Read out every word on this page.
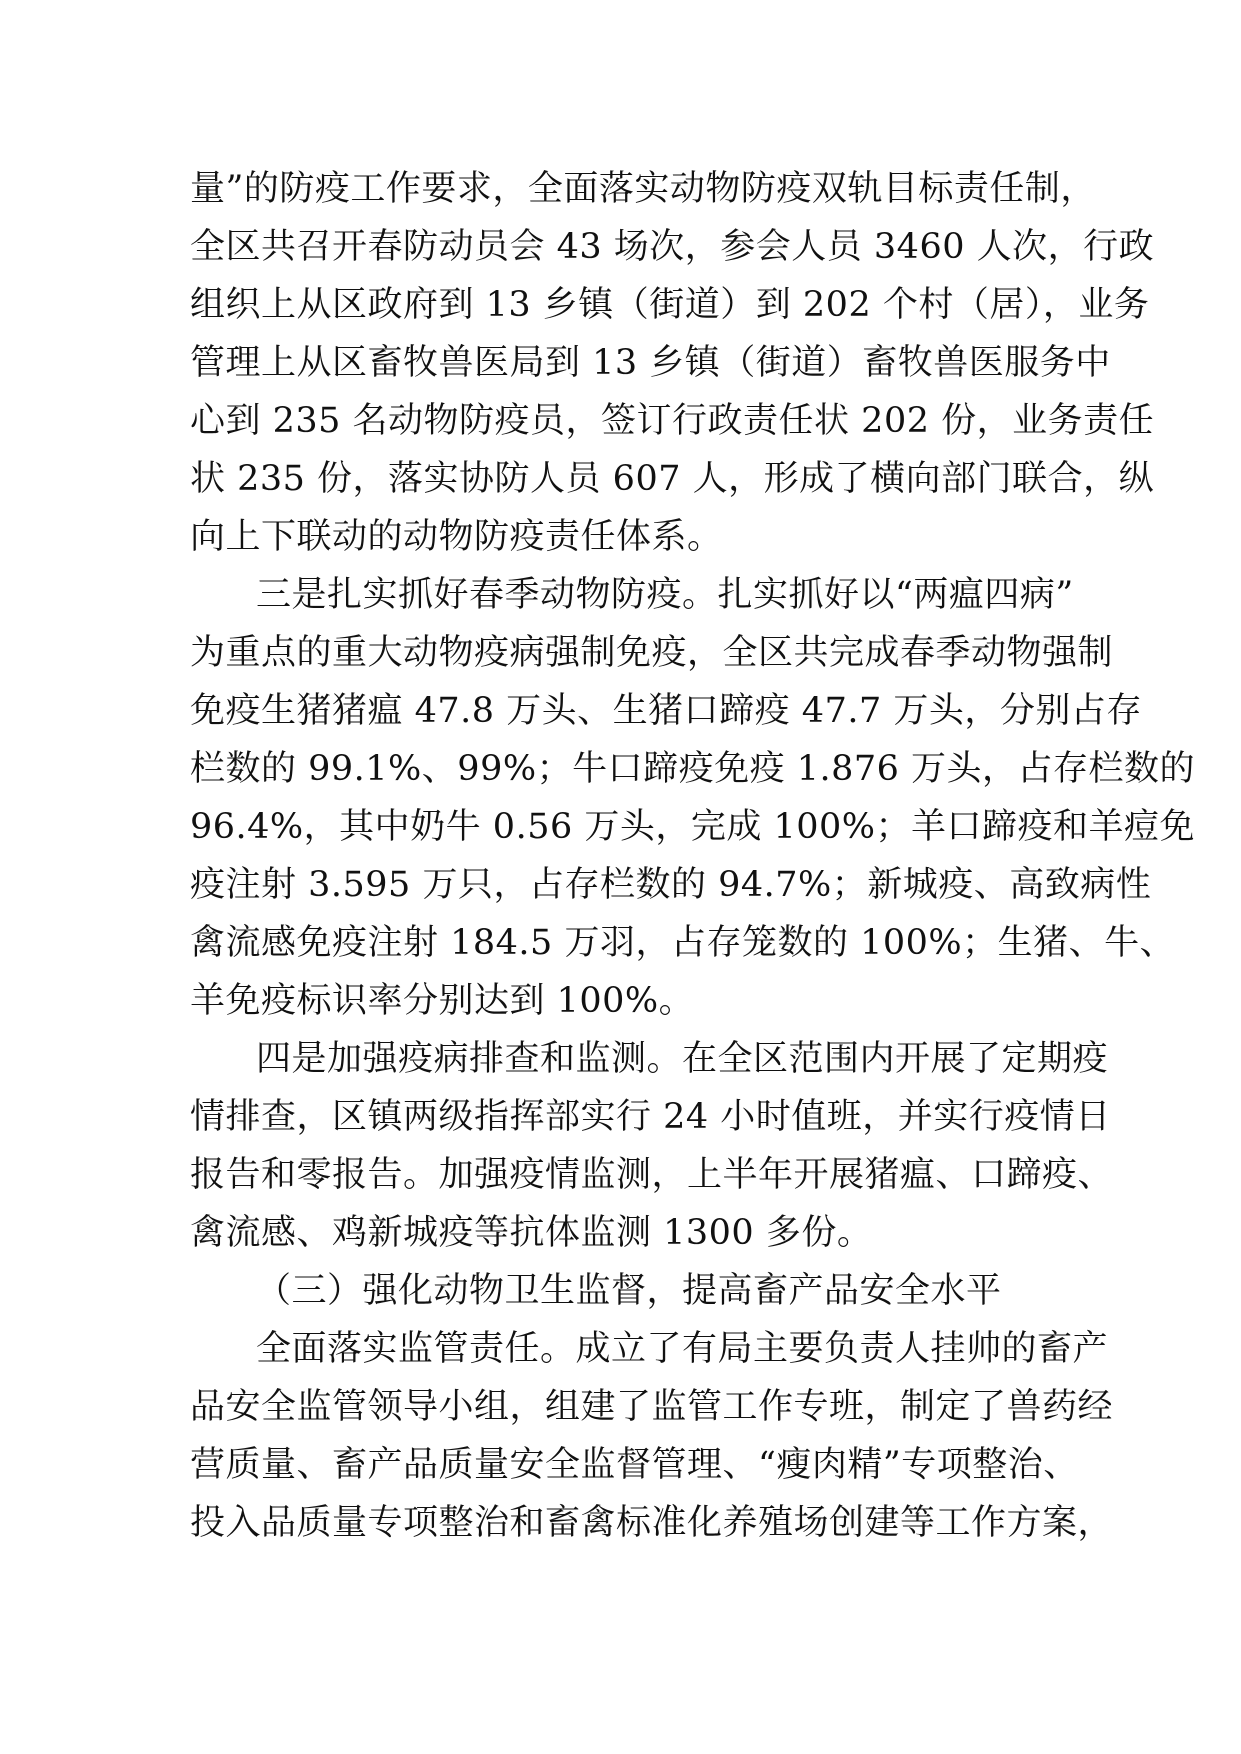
量”的防疫工作要求，全面落实动物防疫双轨目标责任制，
全区共召开春防动员会 43 场次，参会人员 3460 人次，行政
组织上从区政府到 13 乡镇（街道）到 202 个村（居），业务
管理上从区畜牧兽医局到 13 乡镇（街道）畜牧兽医服务中
心到 235 名动物防疫员，签订行政责任状 202 份，业务责任
状 235 份，落实协防人员 607 人，形成了横向部门联合，纵
向上下联动的动物防疫责任体系。
三是扎实抓好春季动物防疫。扎实抓好以“两瘟四病”
为重点的重大动物疫病强制免疫，全区共完成春季动物强制
免疫生猪猪瘟 47.8 万头、生猪口蹄疫 47.7 万头，分别占存
栏数的 99.1%、99%；牛口蹄疫免疫 1.876 万头，占存栏数的
96.4%，其中奶牛 0.56 万头，完成 100%；羊口蹄疫和羊痘免
疫注射 3.595 万只，占存栏数的 94.7%；新城疫、高致病性
禽流感免疫注射 184.5 万羽，占存笼数的 100%；生猪、牛、
羊免疫标识率分别达到 100%。
四是加强疫病排查和监测。在全区范围内开展了定期疫
情排查，区镇两级指挥部实行 24 小时值班，并实行疫情日
报告和零报告。加强疫情监测，上半年开展猪瘟、口蹄疫、
禽流感、鸡新城疫等抗体监测 1300 多份。
（三）强化动物卫生监督，提高畜产品安全水平
全面落实监管责任。成立了有局主要负责人挂帅的畜产
品安全监管领导小组，组建了监管工作专班，制定了兽药经
营质量、畜产品质量安全监督管理、“瘦肉精”专项整治、
投入品质量专项整治和畜禽标准化养殖场创建等工作方案，
